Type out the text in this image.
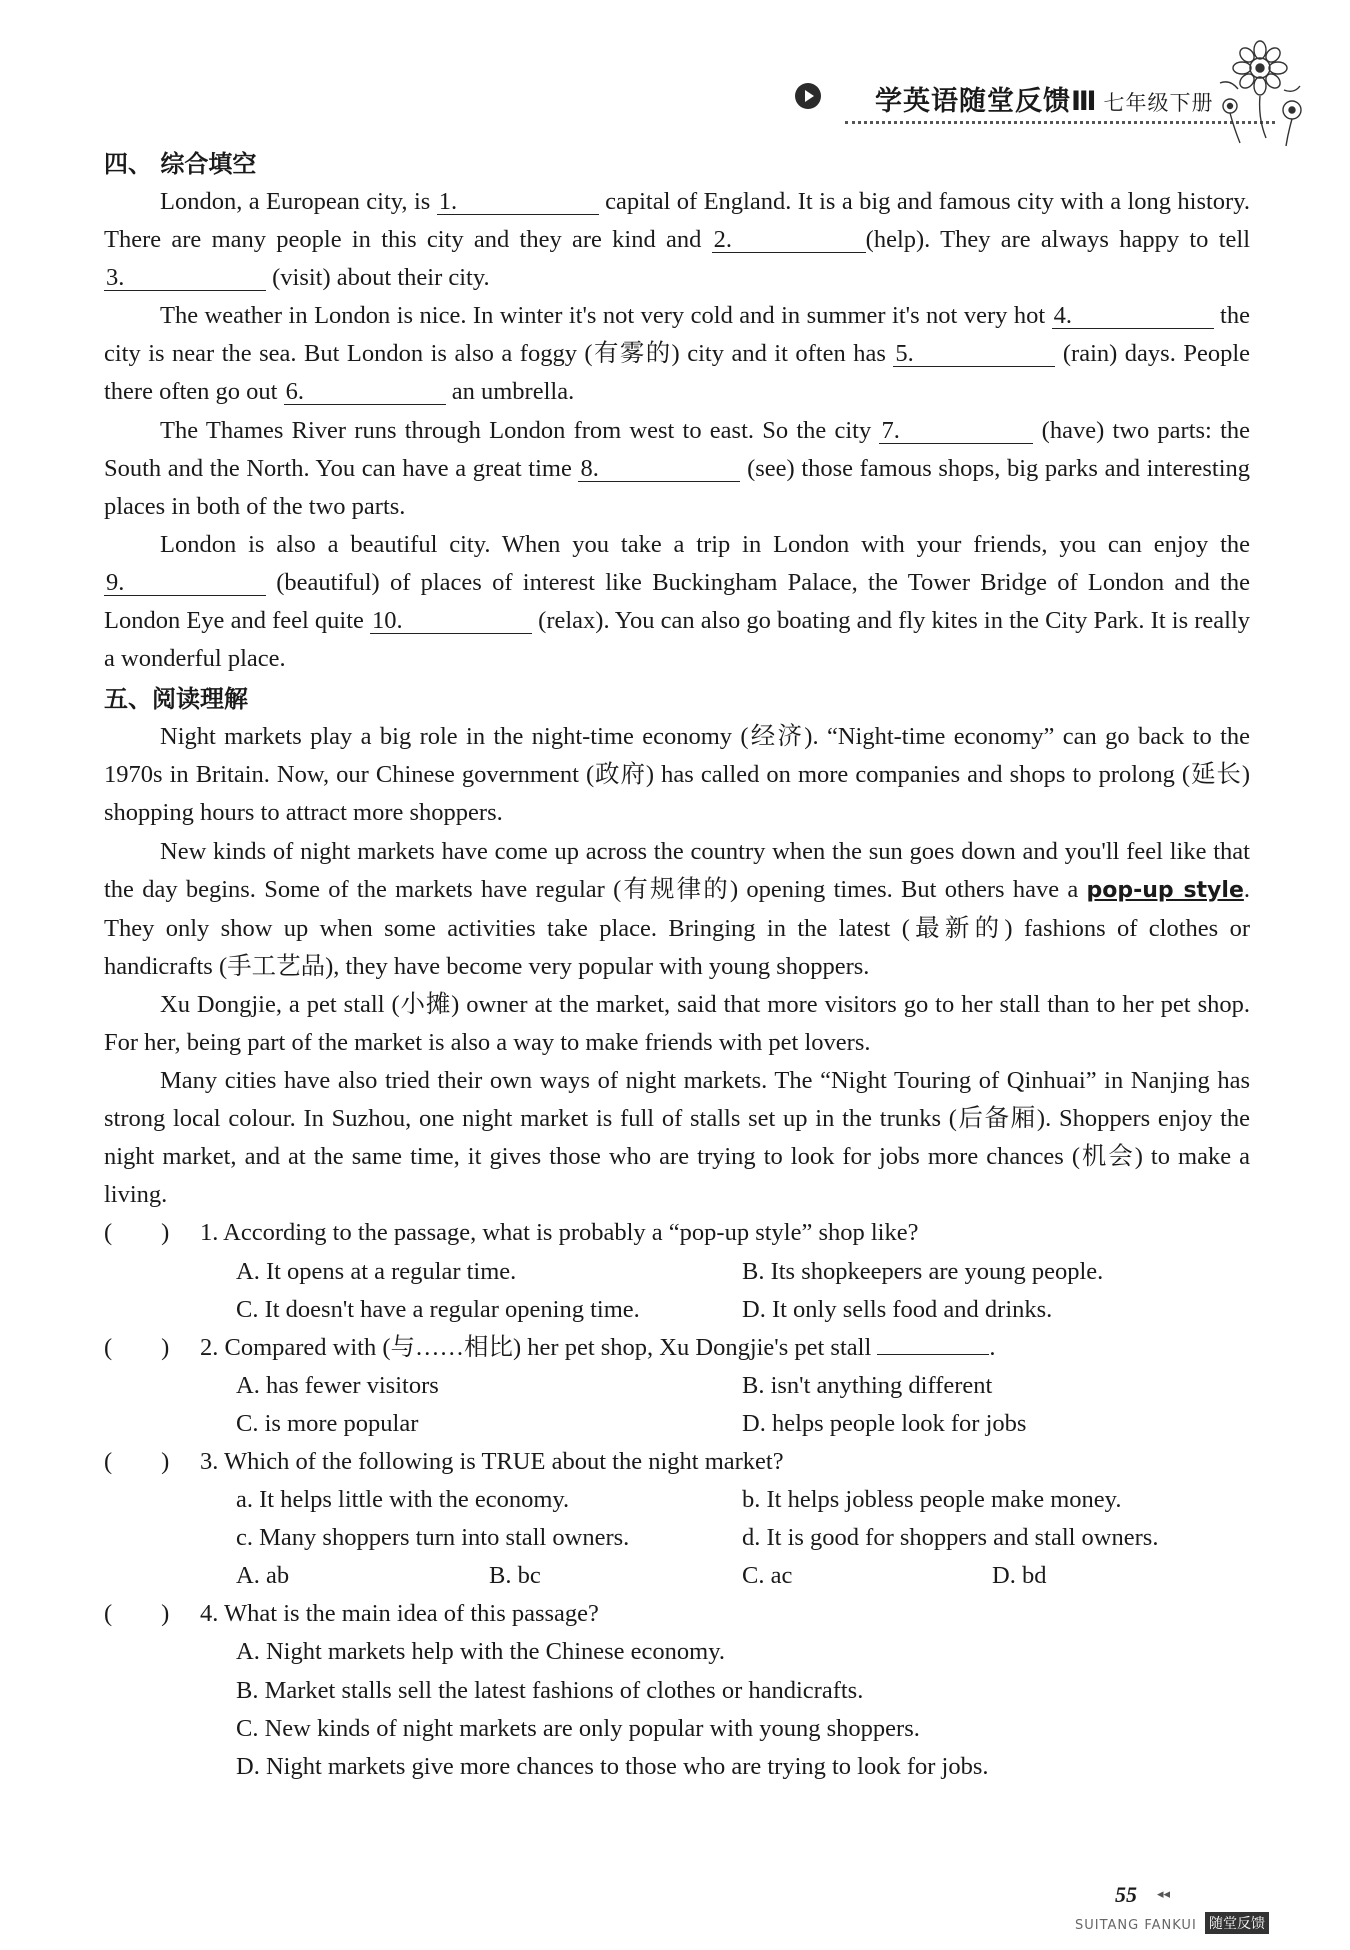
学英语随堂反馈Ⅲ 七年级下册
四、 综合填空

London, a European city, is 1.	capital of England. It is a big and famous city with a long history. There are many people in this city and they are kind and 2.	(help). They are always happy to tell 3.	(visit) about their city.

The weather in London is nice. In winter it's not very cold and in summer it's not very hot 4.	the city is near the sea. But London is also a foggy (有雾的) city and it often has 5.	(rain) days. People there often go out 6.	an umbrella.

The Thames River runs through London from west to east. So the city 7.	(have) two parts: the South and the North. You can have a great time 8.	(see) those famous shops, big parks and interesting places in both of the two parts.

London is also a beautiful city. When you take a trip in London with your friends, you can enjoy the 9.	(beautiful) of places of interest like Buckingham Palace, the Tower Bridge of London and the London Eye and feel quite 10.	(relax). You can also go boating and fly kites in the City Park. It is really a wonderful place.

五、阅读理解

Night markets play a big role in the night-time economy (经济). “Night-time economy” can go back to the 1970s in Britain. Now, our Chinese government (政府) has called on more companies and shops to prolong (延长) shopping hours to attract more shoppers.

New kinds of night markets have come up across the country when the sun goes down and you'll feel like that the day begins. Some of the markets have regular (有规律的) opening times. But others have a pop-up style. They only show up when some activities take place. Bringing in the latest (最新的) fashions of clothes or handicrafts (手工艺品), they have become very popular with young shoppers.

Xu Dongjie, a pet stall (小摊) owner at the market, said that more visitors go to her stall than to her pet shop. For her, being part of the market is also a way to make friends with pet lovers.

Many cities have also tried their own ways of night markets. The “Night Touring of Qinhuai” in Nanjing has strong local colour. In Suzhou, one night market is full of stalls set up in the trunks (后备厢). Shoppers enjoy the night market, and at the same time, it gives those who are trying to look for jobs more chances (机会) to make a living.

(　　) 1. According to the passage, what is probably a “pop-up style” shop like?
A. It opens at a regular time.	B. Its shopkeepers are young people.
C. It doesn't have a regular opening time.	D. It only sells food and drinks.
(　　) 2. Compared with (与……相比) her pet shop, Xu Dongjie's pet stall	.
A. has fewer visitors	B. isn't anything different
C. is more popular	D. helps people look for jobs
(　　) 3. Which of the following is TRUE about the night market?
a. It helps little with the economy.	b. It helps jobless people make money.
c. Many shoppers turn into stall owners.	d. It is good for shoppers and stall owners.
A. ab	B. bc	C. ac	D. bd
(　　) 4. What is the main idea of this passage?
A. Night markets help with the Chinese economy.
B. Market stalls sell the latest fashions of clothes or handicrafts.
C. New kinds of night markets are only popular with young shoppers.
D. Night markets give more chances to those who are trying to look for jobs.
55 ◂◂
SUITANG FANKUI 随堂反馈
